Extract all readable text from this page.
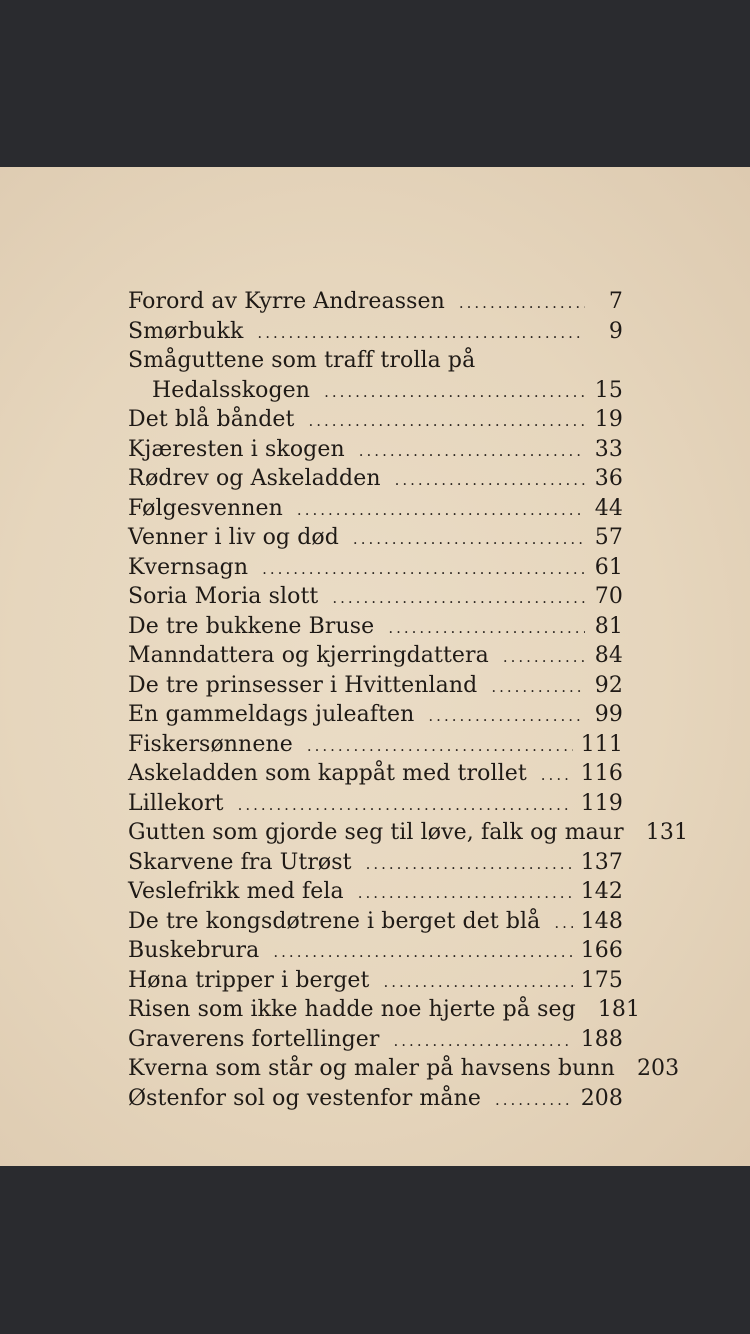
Forord av Kyrre Andreassen .....	7
Smørbukk .....	9
Småguttene som traff trolla på
Hedalsskogen .....	15
Det blå båndet .....	19
Kjæresten i skogen .....	33
Rødrev og Askeladden .....	36
Følgesvennen .....	44
Venner i liv og død .....	57
Kvernsagn .....	61
Soria Moria slott .....	70
De tre bukkene Bruse .....	81
Manndattera og kjerringdattera .....	84
De tre prinsesser i Hvittenland .....	92
En gammeldags juleaften .....	99
Fiskersønnene .....	111
Askeladden som kappåt med trollet ..... 116
Lillekort .....	119
Gutten som gjorde seg til løve, falk og maur 131
Skarvene fra Utrøst .....	137
Veslefrikk med fela .....	142
De tre kongsdøtrene i berget det blå ..... 148
Buskebrura .....	166
Høna tripper i berget .....	175
Risen som ikke hadde noe hjerte på seg 181
Graverens fortellinger .....	188
Kverna som står og maler på havsens bunn 203
Østenfor sol og vestenfor måne .....	208
